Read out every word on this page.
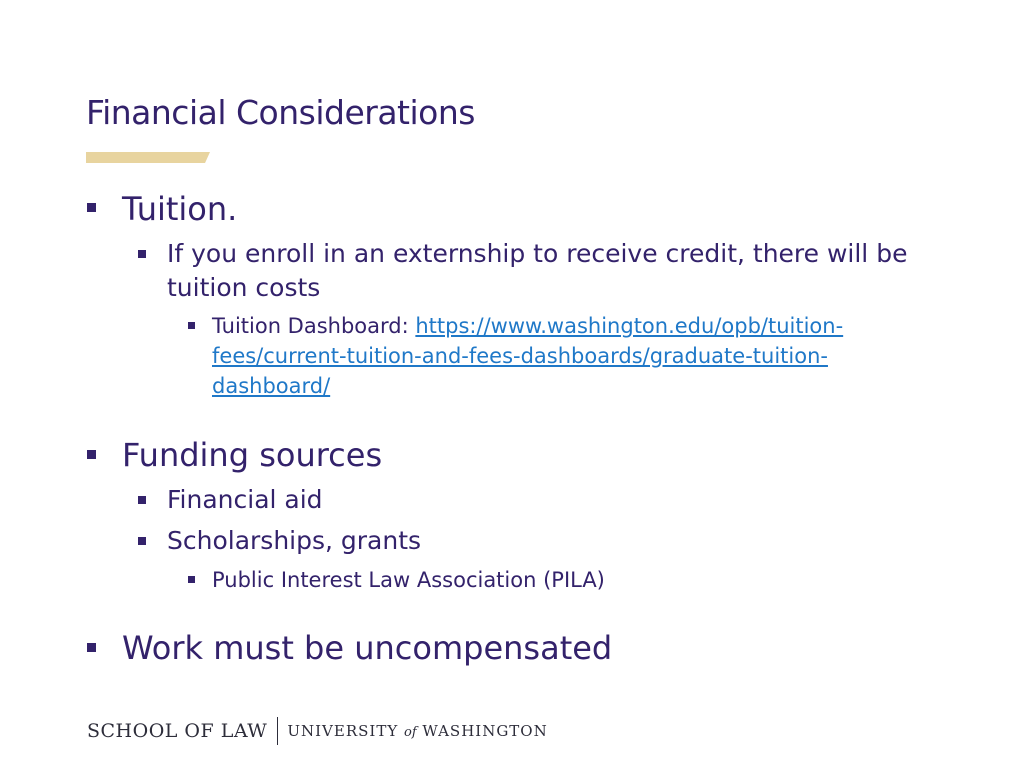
Financial Considerations
Tuition.
If you enroll in an externship to receive credit, there will be
tuition costs
Tuition Dashboard: https://www.washington.edu/opb/tuition-
fees/current-tuition-and-fees-dashboards/graduate-tuition-
dashboard/
Funding sources
Financial aid
Scholarships, grants
Public Interest Law Association (PILA)
Work must be uncompensated
SCHOOL OF LAW UNIVERSITY of WASHINGTON
